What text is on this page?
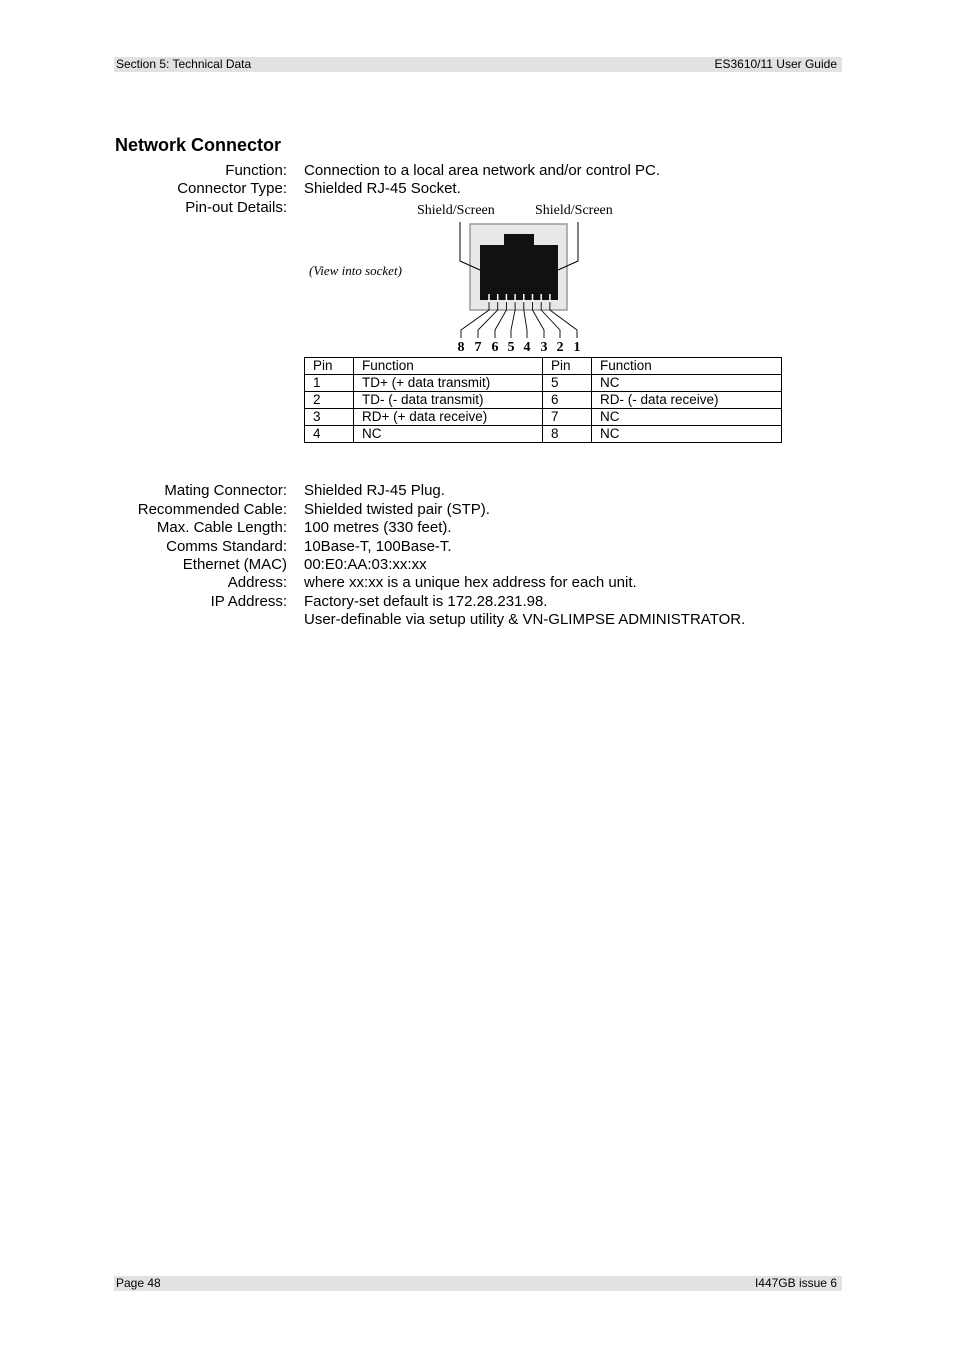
Section 5: Technical Data	ES3610/11 User Guide
Network Connector
Function: Connection to a local area network and/or control PC.
Connector Type: Shielded RJ-45 Socket.
Pin-out Details:	Shield/Screen	Shield/Screen
(View into socket)
8 7 6 5 4 3 2 1
Pin	Function	Pin	Function
1	TD+ (+ data transmit)	5	NC
2	TD- (- data transmit)	6	RD- (- data receive)
3	RD+ (+ data receive)	7	NC
4	NC	8	NC
Mating Connector: Shielded RJ-45 Plug.
Recommended Cable: Shielded twisted pair (STP).
Max. Cable Length: 100 metres (330 feet).
Comms Standard: 10Base-T, 100Base-T.
Ethernet (MAC) 00:E0:AA:03:xx:xx
Address: where xx:xx is a unique hex address for each unit.
IP Address: Factory-set default is 172.28.231.98.
User-definable via setup utility & VN-GLIMPSE ADMINISTRATOR.
Page 48	I447GB issue 6
